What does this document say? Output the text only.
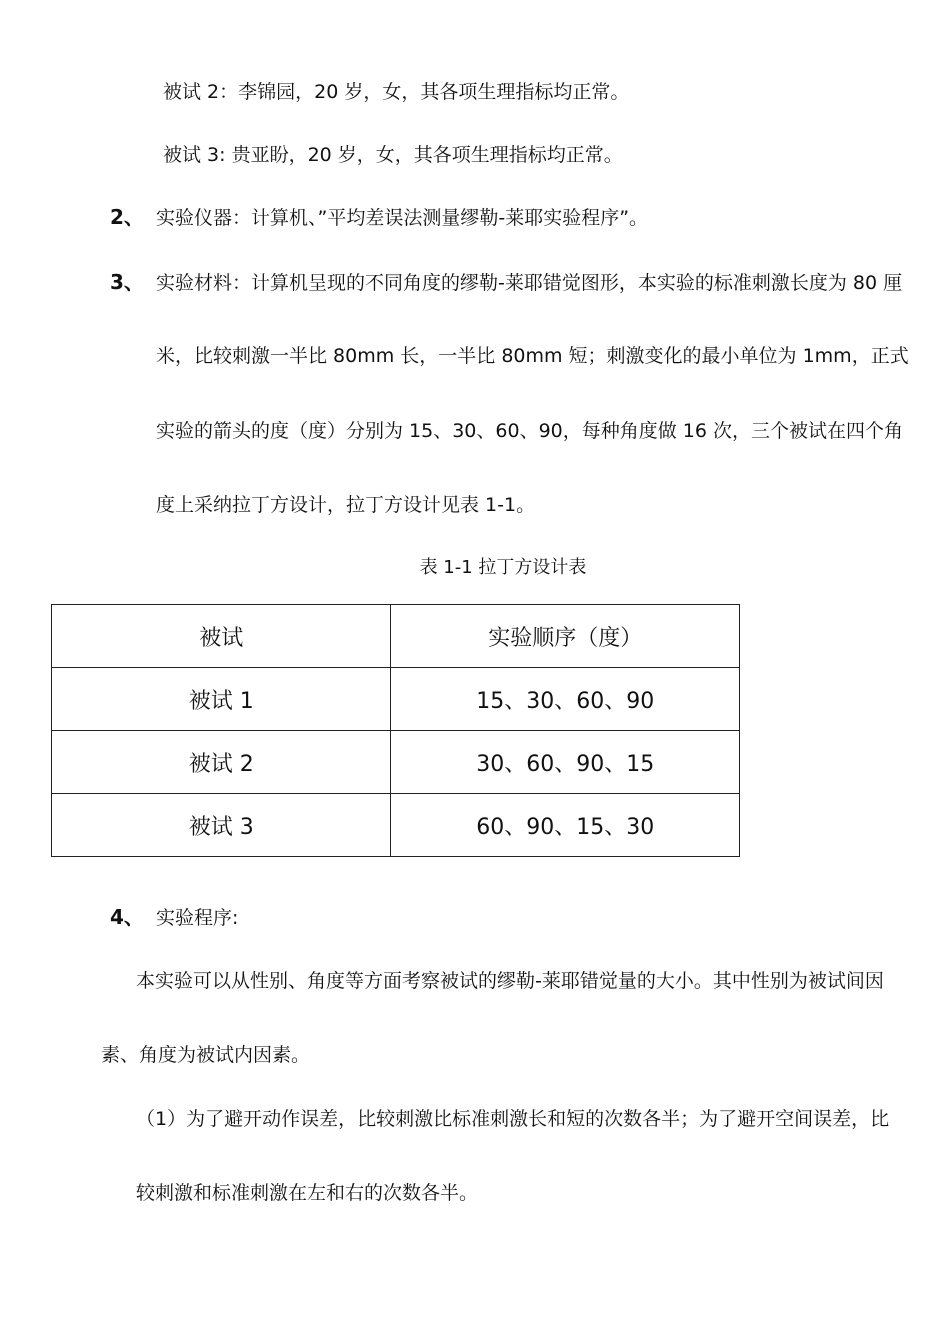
被试 2：李锦园，20 岁，女，其各项生理指标均正常。
被试 3: 贵亚盼，20 岁，女，其各项生理指标均正常。
2、 实验仪器：计算机、”平均差误法测量缪勒-莱耶实验程序”。
3、 实验材料：计算机呈现的不同角度的缪勒-莱耶错觉图形，本实验的标准刺激长度为 80 厘
米，比较刺激一半比 80mm 长，一半比 80mm 短；刺激变化的最小单位为 1mm，正式
实验的箭头的度（度）分别为 15、30、60、90，每种角度做 16 次，三个被试在四个角
度上采纳拉丁方设计，拉丁方设计见表 1-1。
表 1-1 拉丁方设计表
被试	实验顺序（度）
被试 1	15、30、60、90
被试 2	30、60、90、15
被试 3	60、90、15、30
4、 实验程序:
本实验可以从性别、角度等方面考察被试的缪勒-莱耶错觉量的大小。其中性别为被试间因
素、角度为被试内因素。
（1）为了避开动作误差，比较刺激比标准刺激长和短的次数各半；为了避开空间误差，比
较刺激和标准刺激在左和右的次数各半。
